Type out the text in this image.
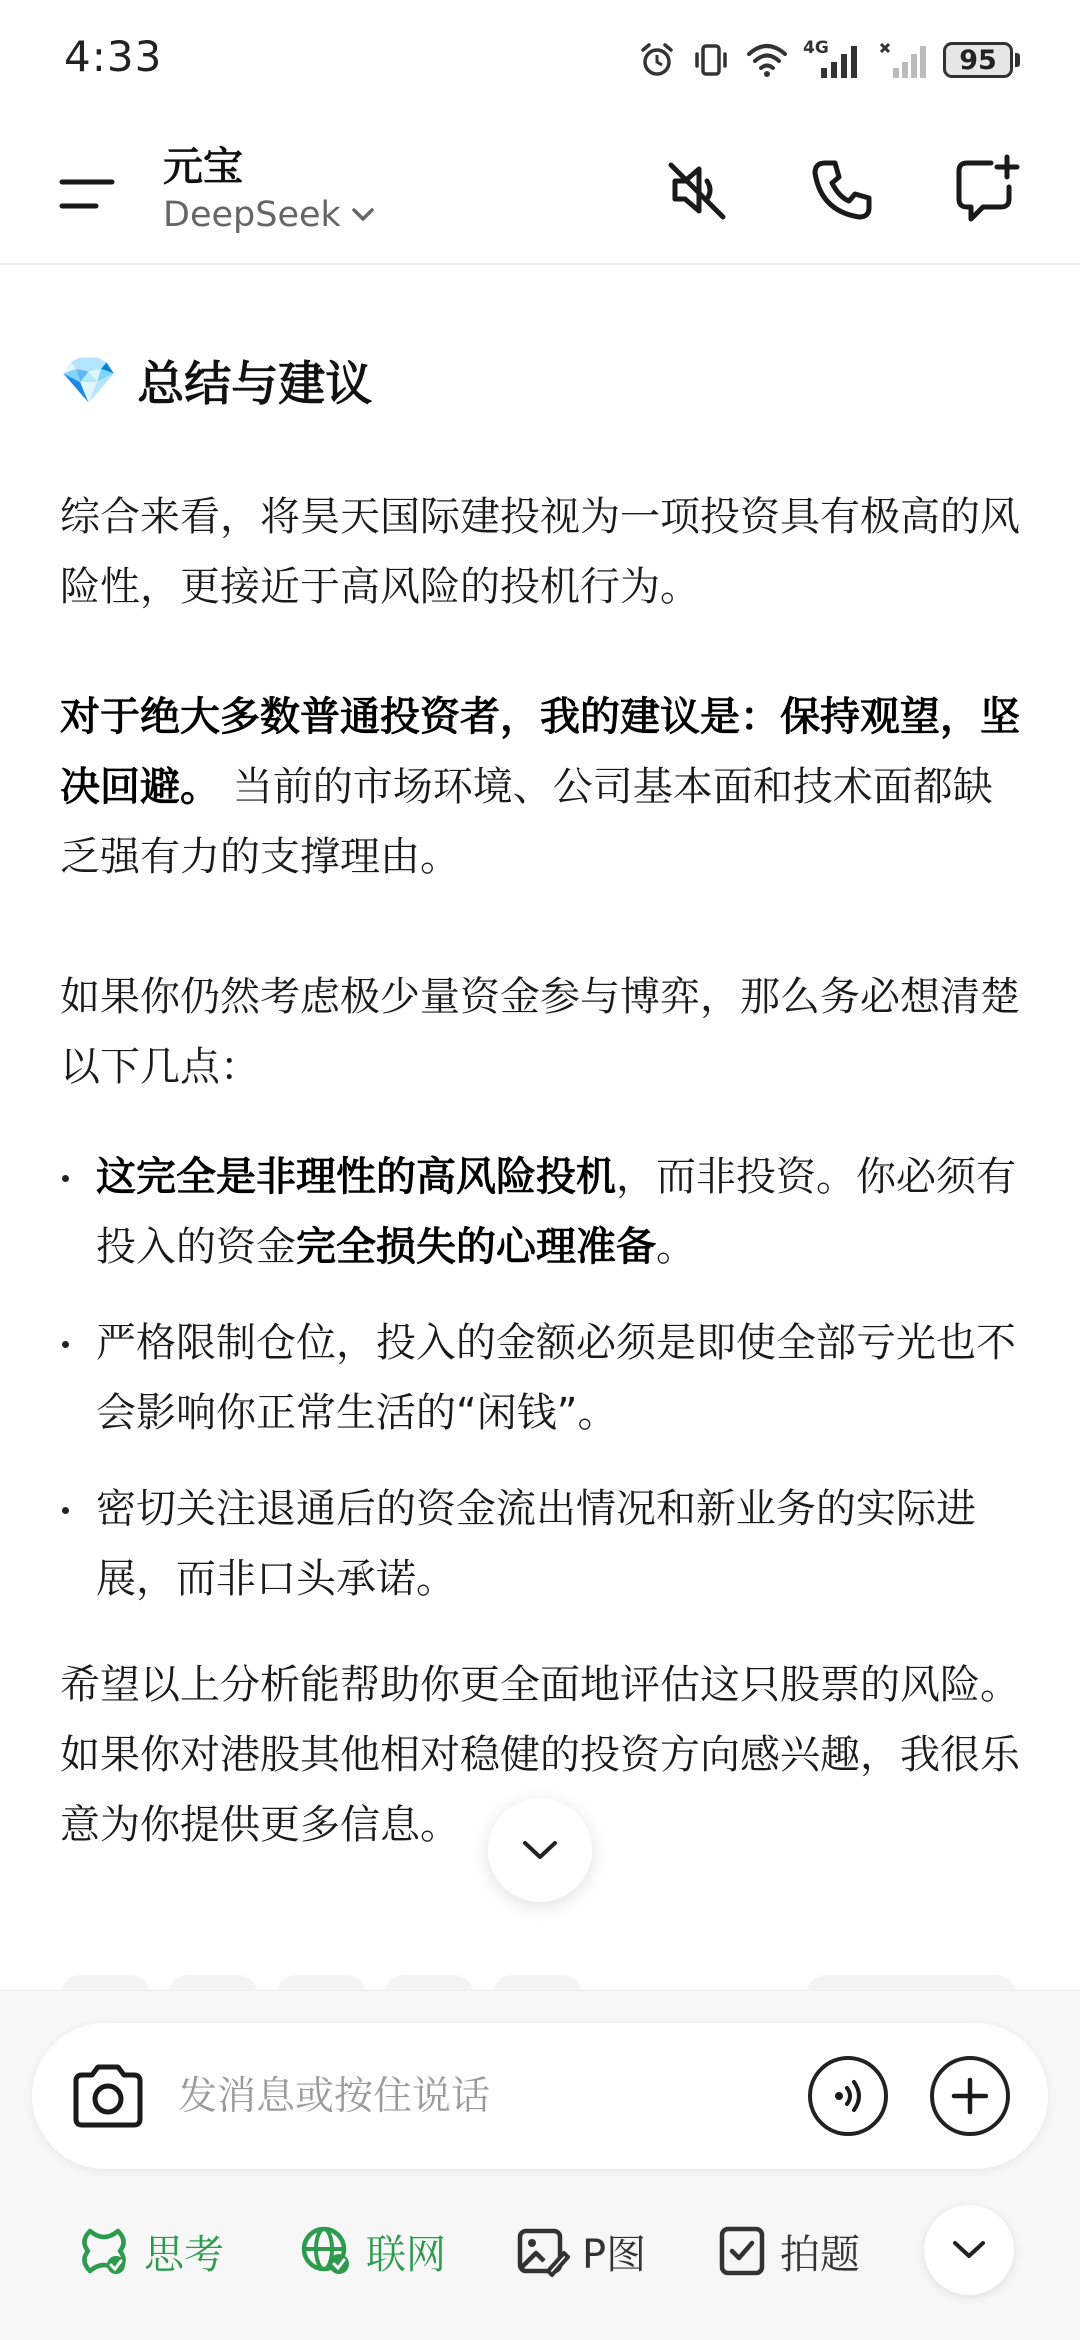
4:33	4G	95
元宝
DeepSeek
💎 总结与建议

综合来看，将昊天国际建投视为一项投资具有极高的风险性，更接近于高风险的投机行为。

对于绝大多数普通投资者，我的建议是：保持观望，坚决回避。 当前的市场环境、公司基本面和技术面都缺乏强有力的支撑理由。

如果你仍然考虑极少量资金参与博弈，那么务必想清楚以下几点：

这完全是非理性的高风险投机，而非投资。你必须有投入的资金完全损失的心理准备。
严格限制仓位，投入的金额必须是即使全部亏光也不会影响你正常生活的“闲钱”。
密切关注退通后的资金流出情况和新业务的实际进展，而非口头承诺。

希望以上分析能帮助你更全面地评估这只股票的风险。如果你对港股其他相对稳健的投资方向感兴趣，我很乐意为你提供更多信息。

发消息或按住说话
思考	联网	P图	拍题
